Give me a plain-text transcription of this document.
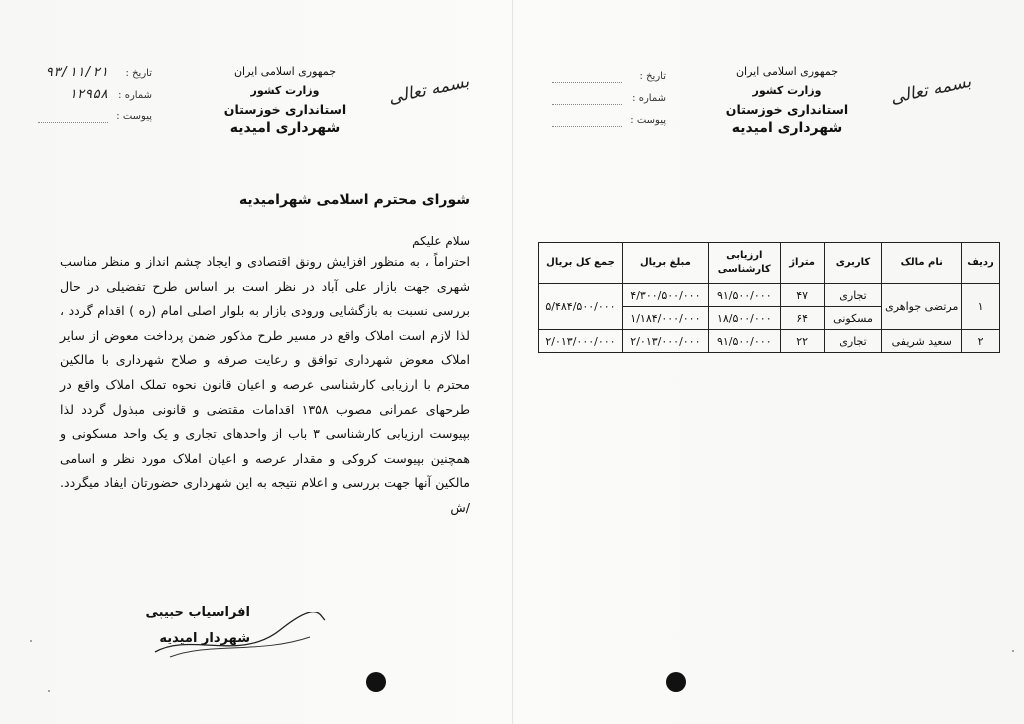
بسمه تعالی
جمهوری اسلامی ایران
وزارت کشور
استانداری خوزستان
شهرداری امیدیه
تاریخ :۹۳/۱۱/۲۱
شماره :۱۲۹۵۸
پیوست :
بسمه تعالی
جمهوری اسلامی ایران
وزارت کشور
استانداری خوزستان
شهرداری امیدیه
تاریخ :
شماره :
پیوست :
شورای محترم اسلامی شهرامیدیه
سلام علیکم

احتراماً ، به منظور افزایش رونق اقتصادی و ایجاد چشم انداز و منظر مناسب شهری جهت بازار علی آباد در نظر است بر اساس طرح تفضیلی در حال بررسی نسبت به بازگشایی ورودی بازار به بلوار اصلی امام (ره ) اقدام گردد ، لذا لازم است املاک واقع در مسیر طرح مذکور ضمن پرداخت معوض از سایر املاک معوض شهرداری توافق و رعایت صرفه و صلاح شهرداری با مالکین محترم با ارزیابی کارشناسی عرصه و اعیان قانون نحوه تملک املاک واقع در طرحهای عمرانی مصوب ۱۳۵۸ اقدامات مقتضی و قانونی مبذول گردد لذا بپیوست ارزیابی کارشناسی ۳ باب از واحدهای تجاری و یک واحد مسکونی و همچنین بپیوست کروکی و مقدار عرصه و اعیان املاک مورد نظر و اسامی مالکین آنها جهت بررسی و اعلام نتیجه به این شهرداری حضورتان ایفاد میگردد. /ش

افراسیاب حبیبی
شهردار امیدیه
ردیف	نام مالک	کاربری	متراژ	ارزیابی کارشناسی	مبلغ بریال	جمع کل بریال
۱	مرتضی جواهری	تجاری	۴۷	۹۱/۵۰۰/۰۰۰	۴/۳۰۰/۵۰۰/۰۰۰	۵/۴۸۴/۵۰۰/۰۰۰
		مسکونی	۶۴	۱۸/۵۰۰/۰۰۰	۱/۱۸۴/۰۰۰/۰۰۰	
۲	سعید شریفی	تجاری	۲۲	۹۱/۵۰۰/۰۰۰	۲/۰۱۳/۰۰۰/۰۰۰	۲/۰۱۳/۰۰۰/۰۰۰
